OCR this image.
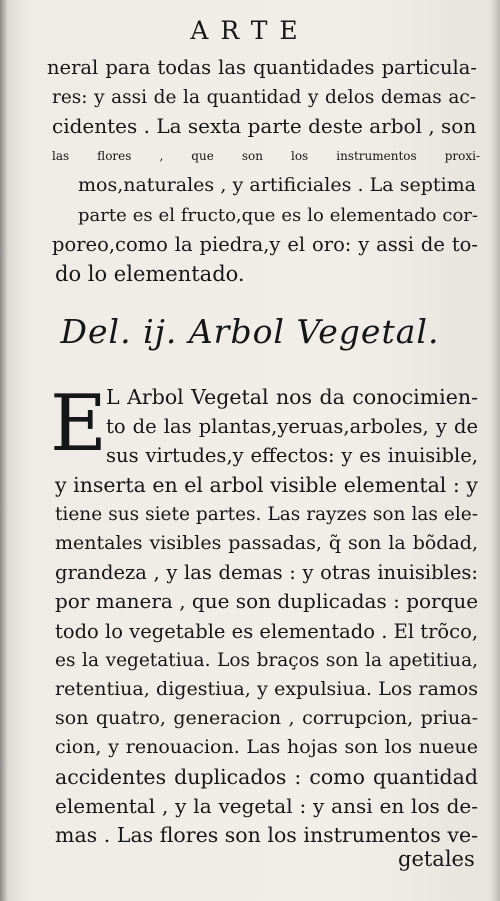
ARTE
neral para todas las quantidades particula-
res: y assi de la quantidad y delos demas ac-
cidentes . La sexta parte deste arbol , son
las flores , que son los instrumentos proxi-
mos,naturales , y artificiales . La septima
parte es el fructo,que es lo elementado cor-
poreo,como la piedra,y el oro: y assi de to-
do lo elementado.
Del. ij. Arbol Vegetal.
E L Arbol Vegetal nos da conocimien-
to de las plantas,yeruas,arboles, y de
sus virtudes,y effectos: y es inuisible,
y inserta en el arbol visible elemental : y
tiene sus siete partes. Las rayzes son las ele-
mentales visibles passadas, q̃ son la bõdad,
grandeza , y las demas : y otras inuisibles:
por manera , que son duplicadas : porque
todo lo vegetable es elementado . El trõco,
es la vegetatiua. Los braços son la apetitiua,
retentiua, digestiua, y expulsiua. Los ramos
son quatro, generacion , corrupcion, priua-
cion, y renouacion. Las hojas son los nueue
accidentes duplicados : como quantidad
elemental , y la vegetal : y ansi en los de-
mas . Las flores son los instrumentos ve-
getales
